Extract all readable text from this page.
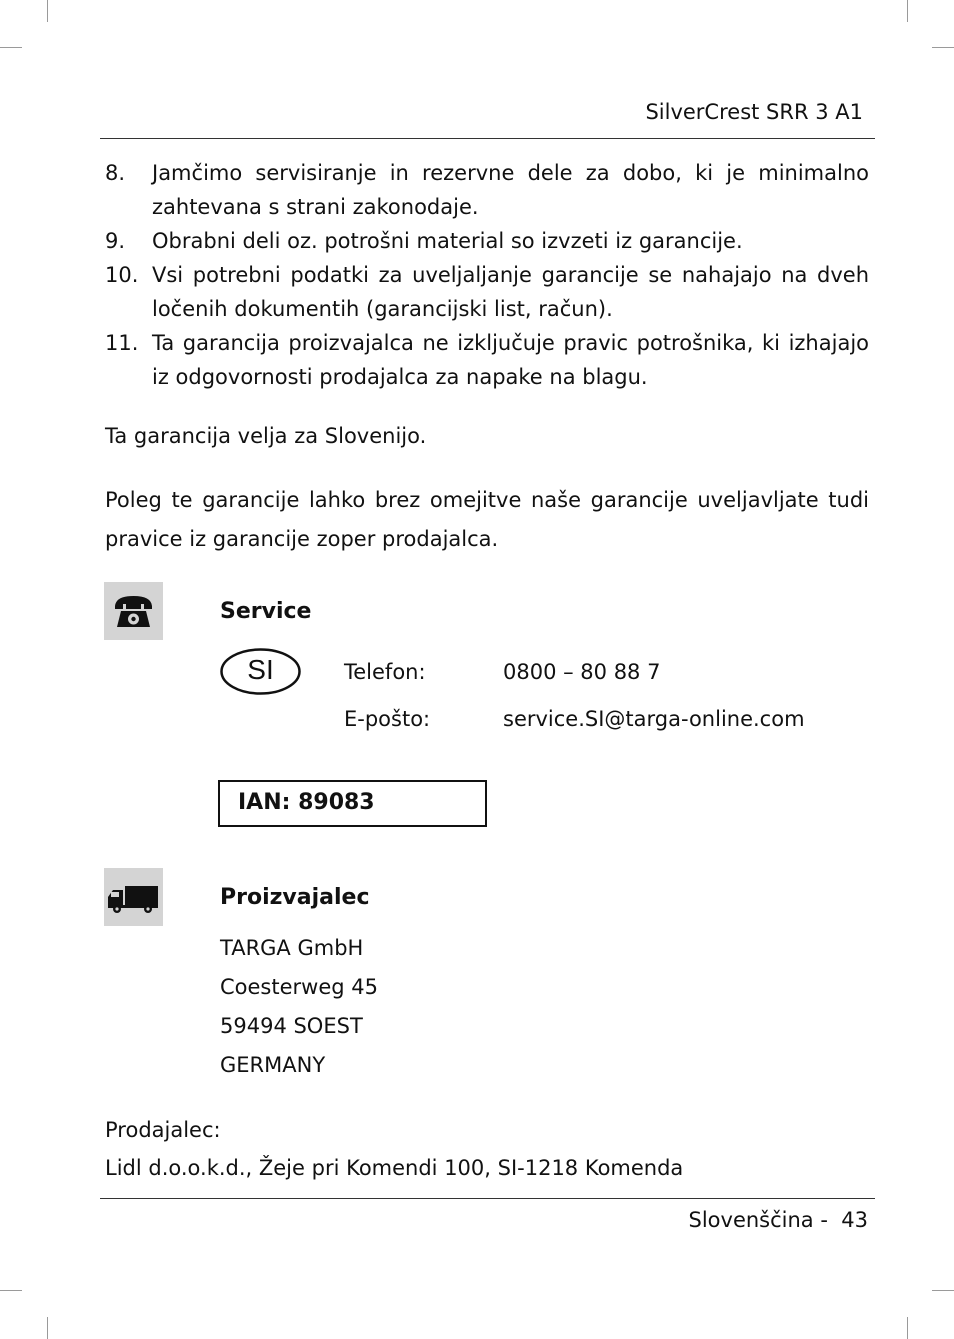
SilverCrest SRR 3 A1
8.	Jamčimo servisiranje in rezervne dele za dobo, ki je minimalno zahtevana s strani zakonodaje.
9.	Obrabni deli oz. potrošni material so izvzeti iz garancije.
10. Vsi potrebni podatki za uveljaljanje garancije se nahajajo na dveh ločenih dokumentih (garancijski list, račun).
11. Ta garancija proizvajalca ne izključuje pravic potrošnika, ki izhajajo iz odgovornosti prodajalca za napake na blagu.

Ta garancija velja za Slovenijo.

Poleg te garancije lahko brez omejitve naše garancije uveljavljate tudi pravice iz garancije zoper prodajalca.

Service
SI	Telefon:	0800 – 80 88 7
E-pošto:	service.SI@targa-online.com
IAN: 89083
Proizvajalec
TARGA GmbH
Coesterweg 45
59494 SOEST
GERMANY
Prodajalec:
Lidl d.o.o.k.d., Žeje pri Komendi 100, SI-1218 Komenda
Slovenščina -  43
